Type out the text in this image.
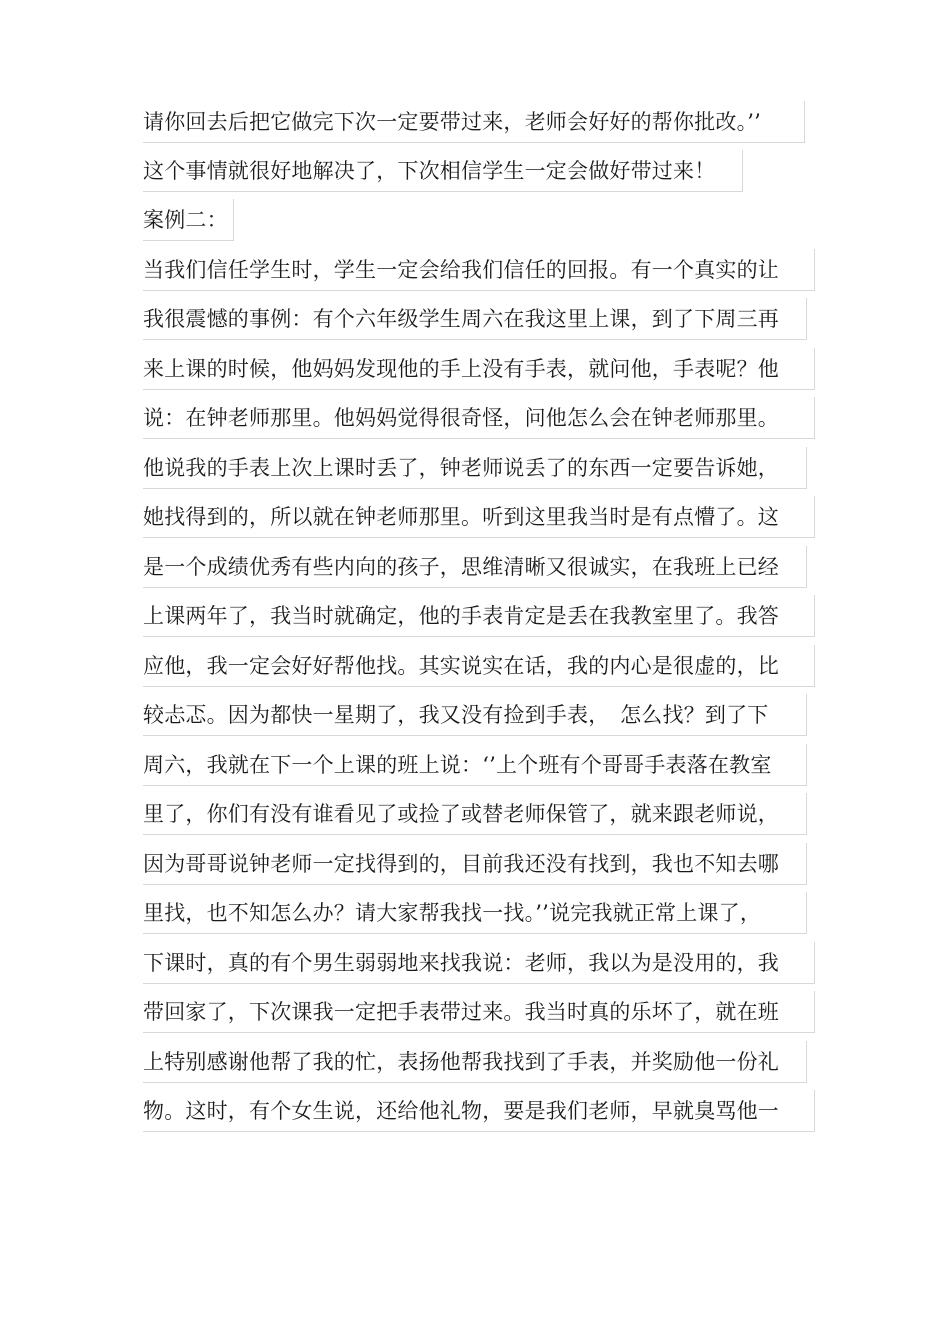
请你回去后把它做完下次一定要带过来，老师会好好的帮你批改。’’
这个事情就很好地解决了，下次相信学生一定会做好带过来！
案例二：
当我们信任学生时，学生一定会给我们信任的回报。有一个真实的让
我很震憾的事例：有个六年级学生周六在我这里上课，到了下周三再
来上课的时候，他妈妈发现他的手上没有手表，就问他，手表呢？他
说：在钟老师那里。他妈妈觉得很奇怪，问他怎么会在钟老师那里。
他说我的手表上次上课时丢了，钟老师说丢了的东西一定要告诉她，
她找得到的，所以就在钟老师那里。听到这里我当时是有点懵了。这
是一个成绩优秀有些内向的孩子，思维清晰又很诚实，在我班上已经
上课两年了，我当时就确定，他的手表肯定是丢在我教室里了。我答
应他，我一定会好好帮他找。其实说实在话，我的内心是很虚的，比
较忐忑。因为都快一星期了，我又没有捡到手表，　怎么找？到了下
周六，我就在下一个上课的班上说：‘’上个班有个哥哥手表落在教室
里了，你们有没有谁看见了或捡了或替老师保管了，就来跟老师说，
因为哥哥说钟老师一定找得到的，目前我还没有找到，我也不知去哪
里找，也不知怎么办？请大家帮我找一找。’’说完我就正常上课了，
下课时，真的有个男生弱弱地来找我说：老师，我以为是没用的，我
带回家了，下次课我一定把手表带过来。我当时真的乐坏了，就在班
上特别感谢他帮了我的忙，表扬他帮我找到了手表，并奖励他一份礼
物。这时，有个女生说，还给他礼物，要是我们老师，早就臭骂他一
